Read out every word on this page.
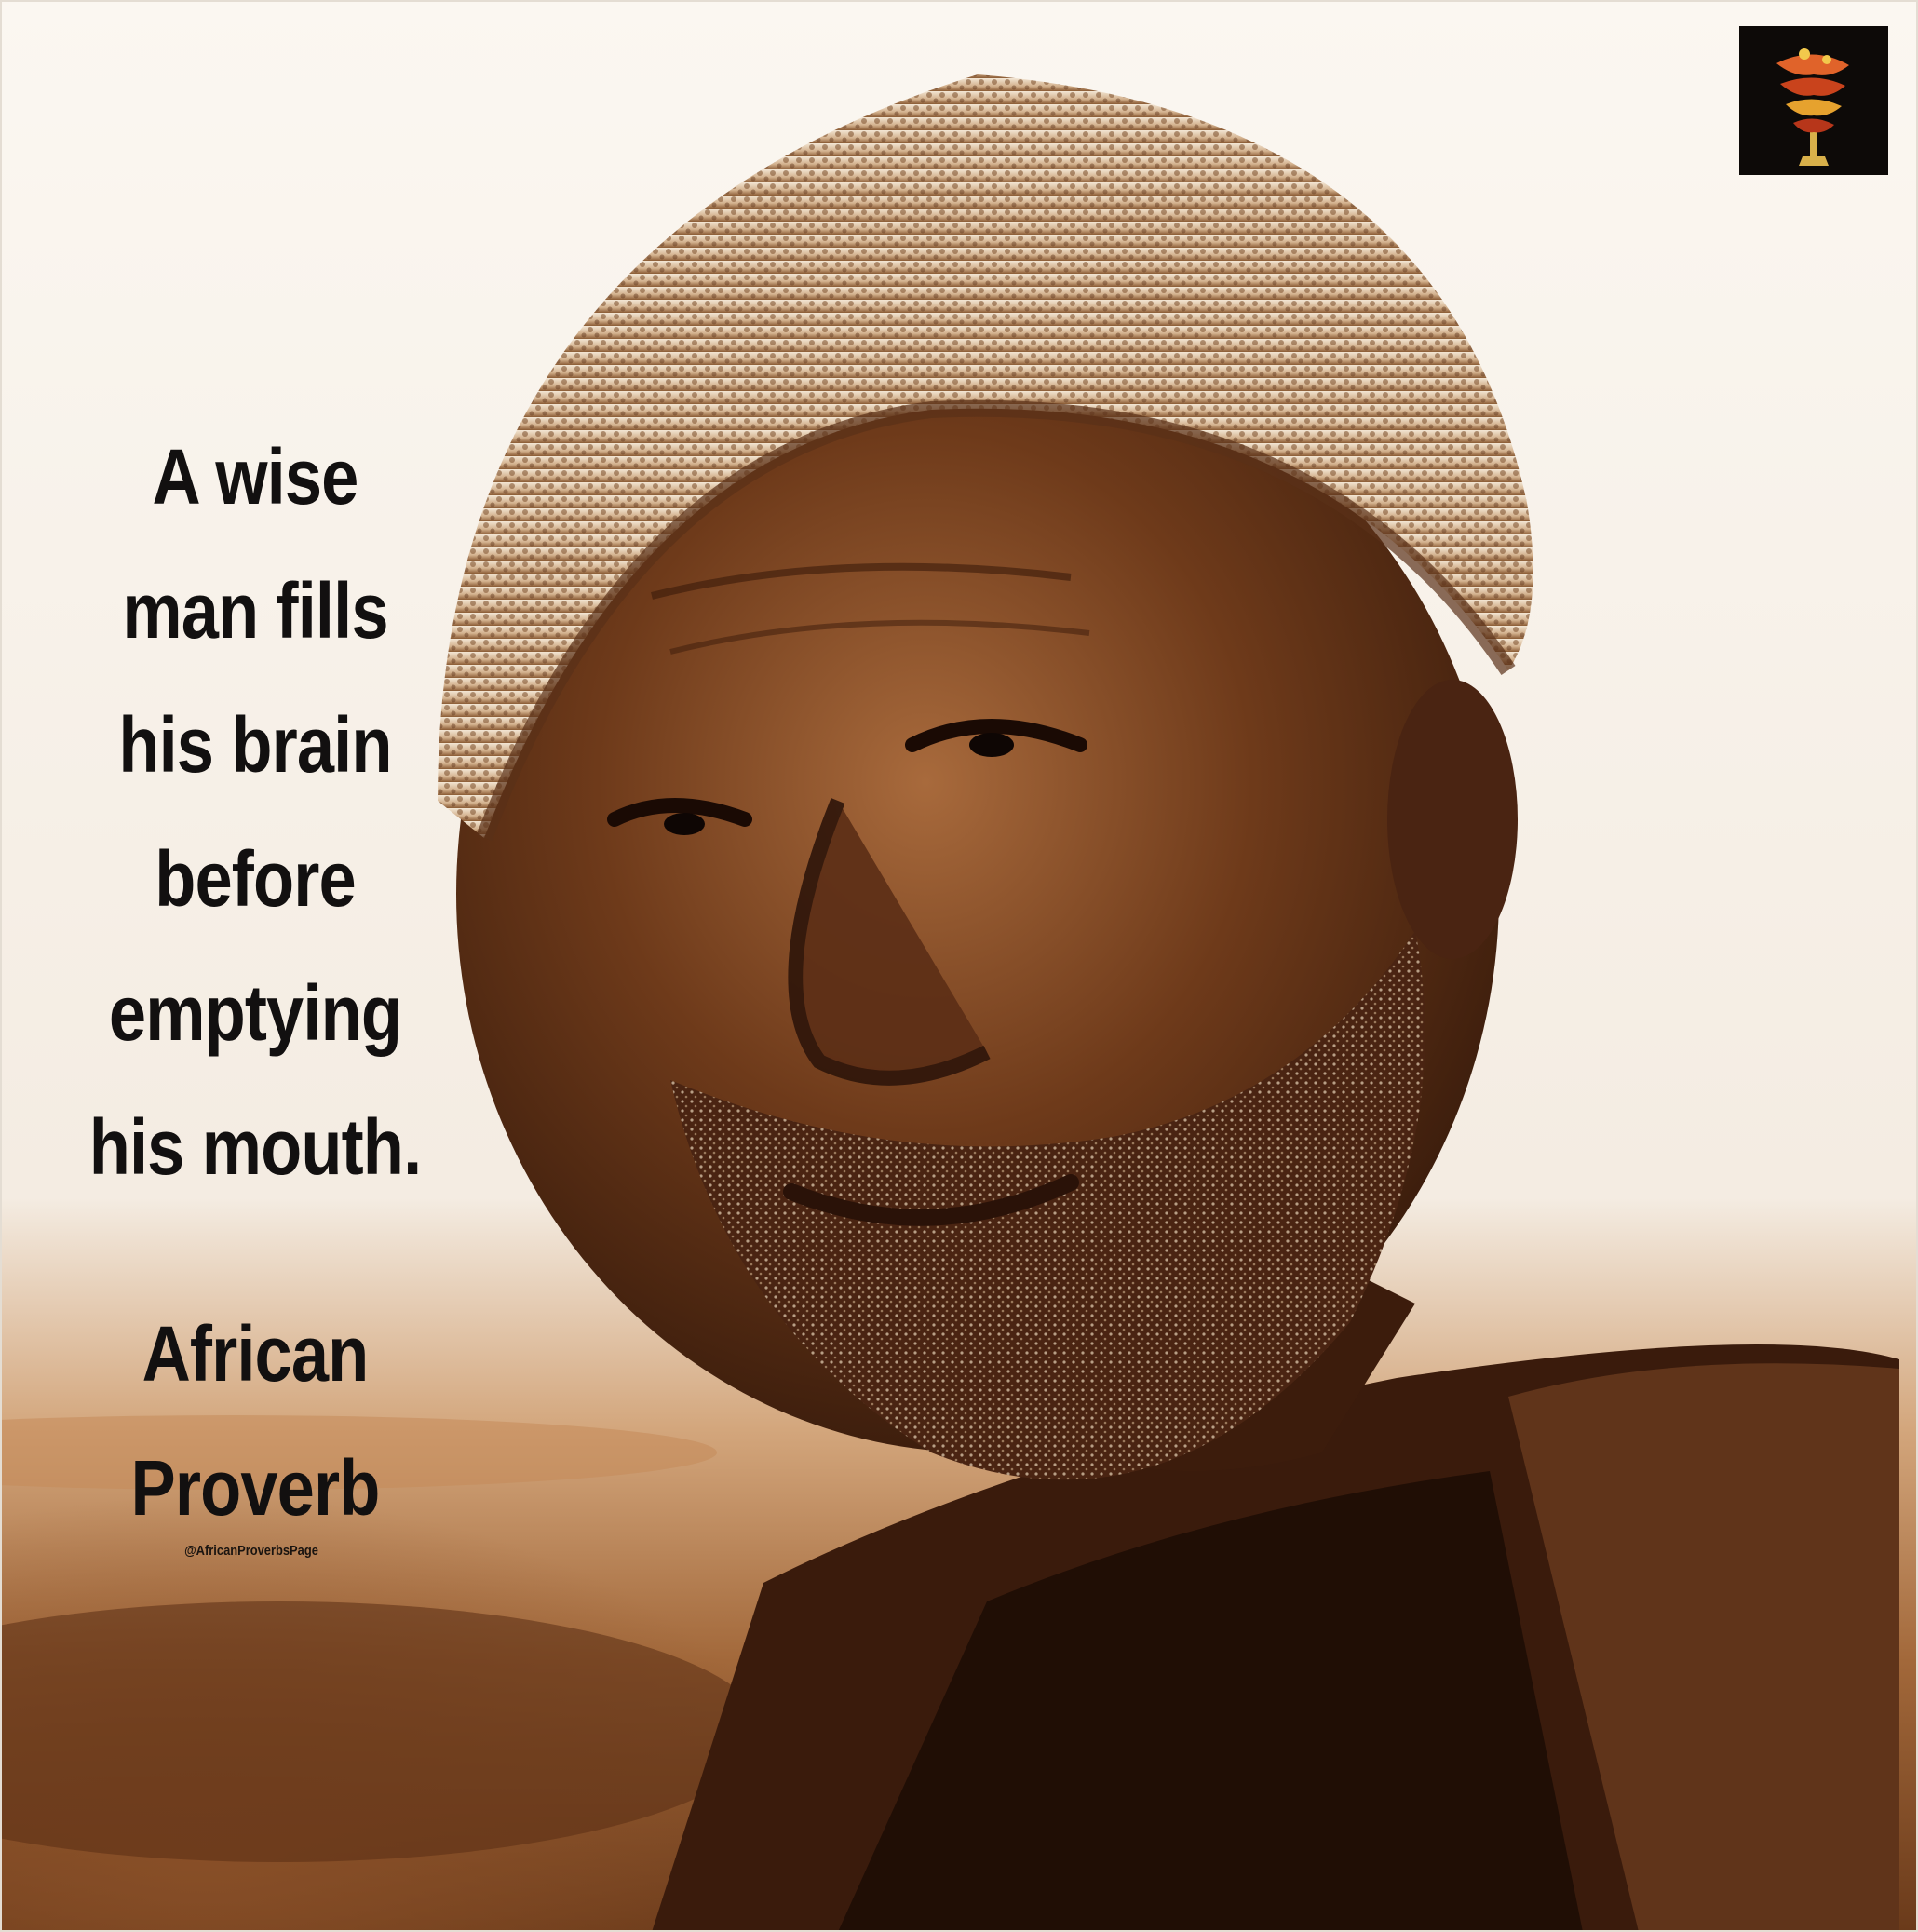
A wise
man fills
his brain
before
emptying
his mouth.
African
Proverb
@AfricanProverbsPage
